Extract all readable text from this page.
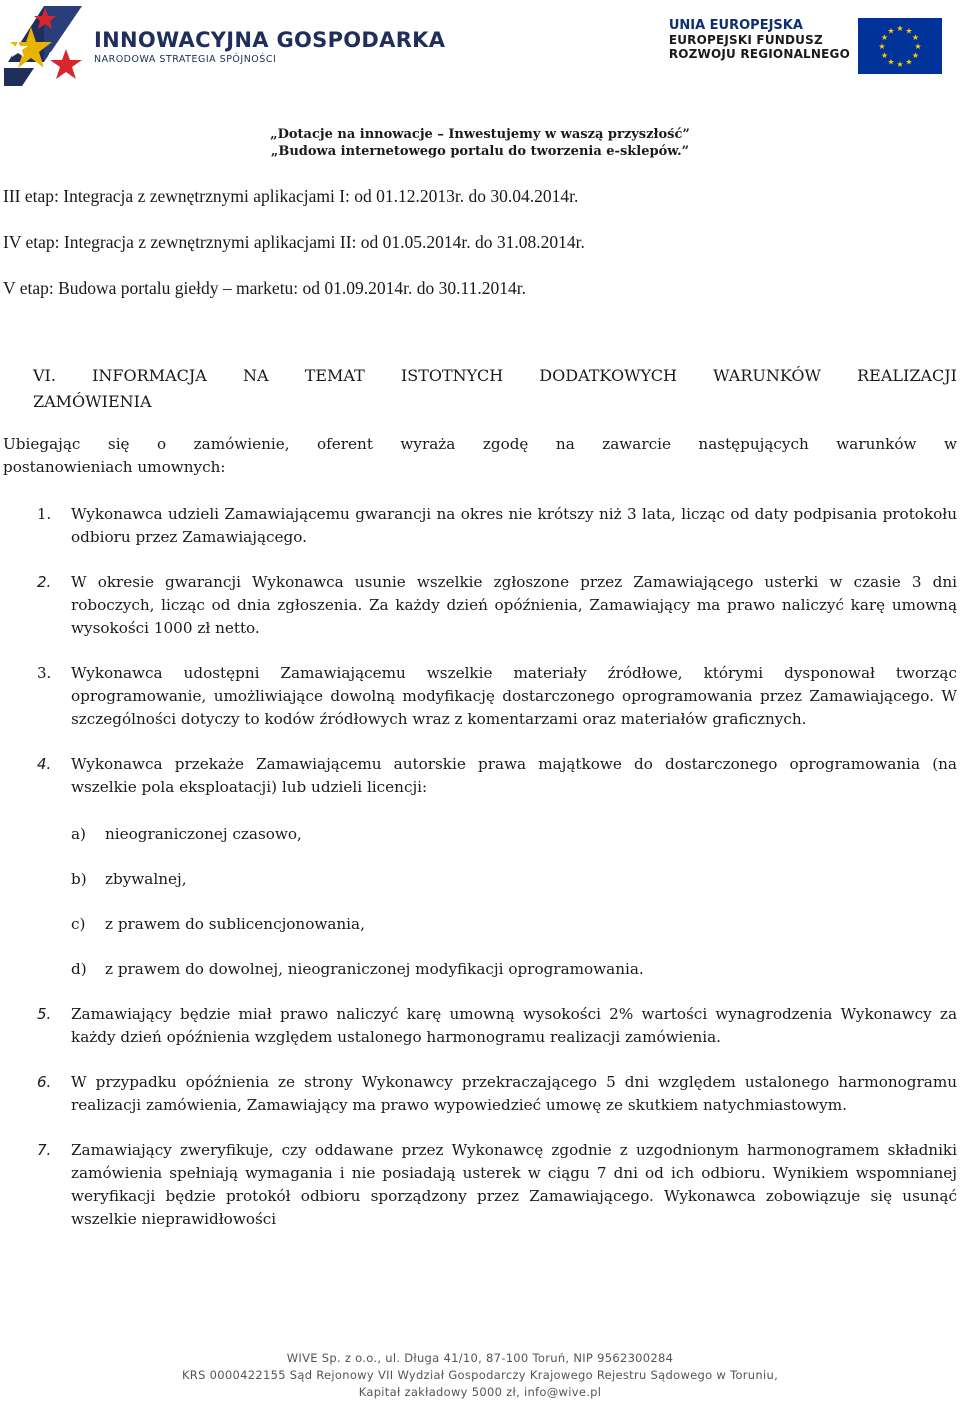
INNOWACYJNA GOSPODARKA
NARODOWA STRATEGIA SPÓJNOŚCI
UNIA EUROPEJSKA
EUROPEJSKI FUNDUSZ
ROZWOJU REGIONALNEGO
★ ★
★
★
★
★
★
★
★
★
★
★
„Dotacje na innowacje – Inwestujemy w waszą przyszłość”
„Budowa internetowego portalu do tworzenia e-sklepów.”

III etap: Integracja z zewnętrznymi aplikacjami I: od 01.12.2013r. do 30.04.2014r.

IV etap: Integracja z zewnętrznymi aplikacjami II: od 01.05.2014r. do 31.08.2014r.

V etap: Budowa portalu giełdy – marketu: od 01.09.2014r. do 30.11.2014r.

VI. INFORMACJA NA TEMAT ISTOTNYCH DODATKOWYCH WARUNKÓW REALIZACJI
ZAMÓWIENIA
Ubiegając się o zamówienie, oferent wyraża zgodę na zawarcie następujących warunków w
postanowieniach umownych:
1. Wykonawca udzieli Zamawiającemu gwarancji na okres nie krótszy niż 3 lata, licząc od daty podpisania protokołu odbioru przez Zamawiającego.
2. W okresie gwarancji Wykonawca usunie wszelkie zgłoszone przez Zamawiającego usterki w czasie 3 dni roboczych, licząc od dnia zgłoszenia. Za każdy dzień opóźnienia, Zamawiający ma prawo naliczyć karę umowną wysokości 1000 zł netto.
3. Wykonawca udostępni Zamawiającemu wszelkie materiały źródłowe, którymi dysponował tworząc oprogramowanie, umożliwiające dowolną modyfikację dostarczonego oprogramowania przez Zamawiającego. W szczególności dotyczy to kodów źródłowych wraz z komentarzami oraz materiałów graficznych.
4. Wykonawca przekaże Zamawiającemu autorskie prawa majątkowe do dostarczonego oprogramowania (na wszelkie pola eksploatacji) lub udzieli licencji:
a) nieograniczonej czasowo,
b) zbywalnej,
c) z prawem do sublicencjonowania,
d) z prawem do dowolnej, nieograniczonej modyfikacji oprogramowania.
5. Zamawiający będzie miał prawo naliczyć karę umowną wysokości 2% wartości wynagrodzenia Wykonawcy za każdy dzień opóźnienia względem ustalonego harmonogramu realizacji zamówienia.
6. W przypadku opóźnienia ze strony Wykonawcy przekraczającego 5 dni względem ustalonego harmonogramu realizacji zamówienia, Zamawiający ma prawo wypowiedzieć umowę ze skutkiem natychmiastowym.
7. Zamawiający zweryfikuje, czy oddawane przez Wykonawcę zgodnie z uzgodnionym harmonogramem składniki zamówienia spełniają wymagania i nie posiadają usterek w ciągu 7 dni od ich odbioru. Wynikiem wspomnianej weryfikacji będzie protokół odbioru sporządzony przez Zamawiającego. Wykonawca zobowiązuje się usunąć wszelkie nieprawidłowości
WIVE Sp. z o.o., ul. Długa 41/10, 87-100 Toruń, NIP 9562300284
KRS 0000422155 Sąd Rejonowy VII Wydział Gospodarczy Krajowego Rejestru Sądowego w Toruniu,
Kapitał zakładowy 5000 zł, info@wive.pl
